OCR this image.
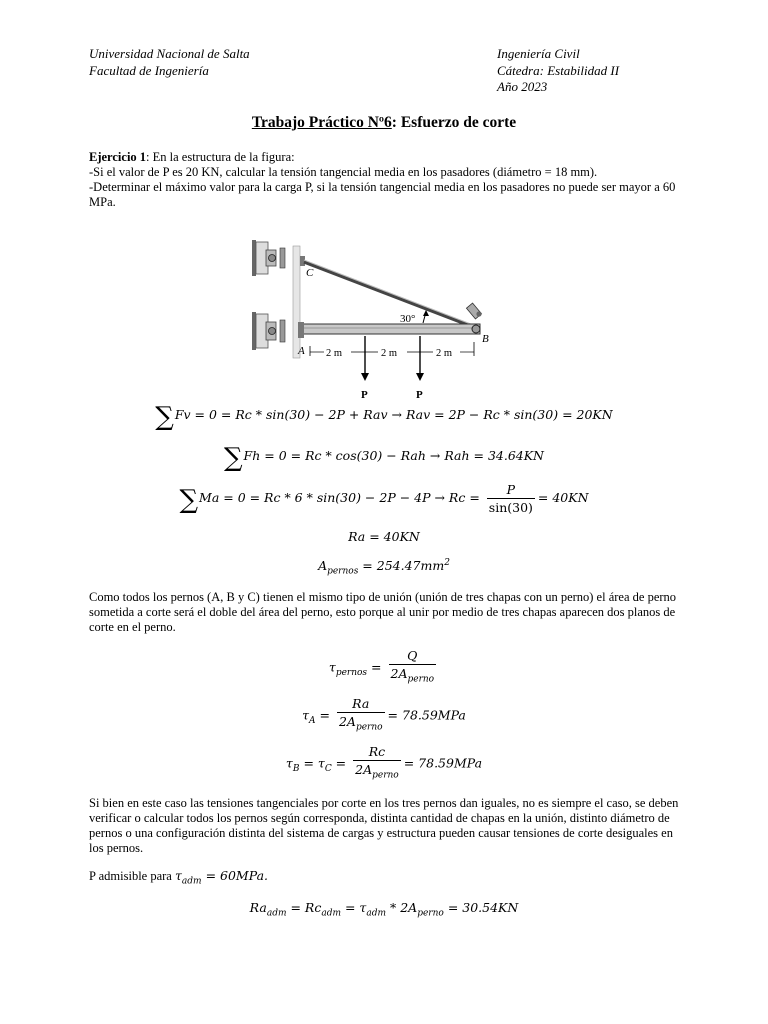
Universidad Nacional de Salta
Facultad de Ingeniería
Ingeniería Civil
Cátedra: Estabilidad II
Año 2023
Trabajo Práctico Nº6: Esfuerzo de corte
Ejercicio 1: En la estructura de la figura:
-Si el valor de P es 20 KN, calcular la tensión tangencial media en los pasadores (diámetro = 18 mm).
-Determinar el máximo valor para la carga P, si la tensión tangencial media en los pasadores no puede ser mayor a 60 MPa.
30°
C
A
B
2 m	2 m	2 m
P	P
∑Fv = 0 = Rc * sin(30) − 2P + Rav → Rav = 2P − Rc * sin(30) = 20KN
∑Fh = 0 = Rc * cos(30) − Rah → Rah = 34.64KN
$\sum Ma = 0 = Rc * 6 * \sin(30) - 2P - 4P \to Rc = \frac{P}{\sin(30)} = 40KN$
Ra = 40KN
$A_{pernos} = 254.47mm^2$
Como todos los pernos (A, B y C) tienen el mismo tipo de unión (unión de tres chapas con un perno) el área de perno sometida a corte será el doble del área del perno, esto porque al unir por medio de tres chapas aparecen dos planos de corte en el perno.
$\tau_{pernos} = \frac{Q}{2A_{perno}}$
$\tau_A = \frac{Ra}{2A_{perno}} = 78.59MPa$
$\tau_B = \tau_C = \frac{Rc}{2A_{perno}} = 78.59MPa$
Si bien en este caso las tensiones tangenciales por corte en los tres pernos dan iguales, no es siempre el caso, se deben verificar o calcular todos los pernos según corresponda, distinta cantidad de chapas en la unión, distinto diámetro de pernos o una configuración distinta del sistema de cargas y estructura pueden causar tensiones de corte desiguales en los pernos.
P admisible para $\tau_{adm} = 60MPa$.
$Ra_{adm} = Rc_{adm} = \tau_{adm} * 2A_{perno} = 30.54KN$
